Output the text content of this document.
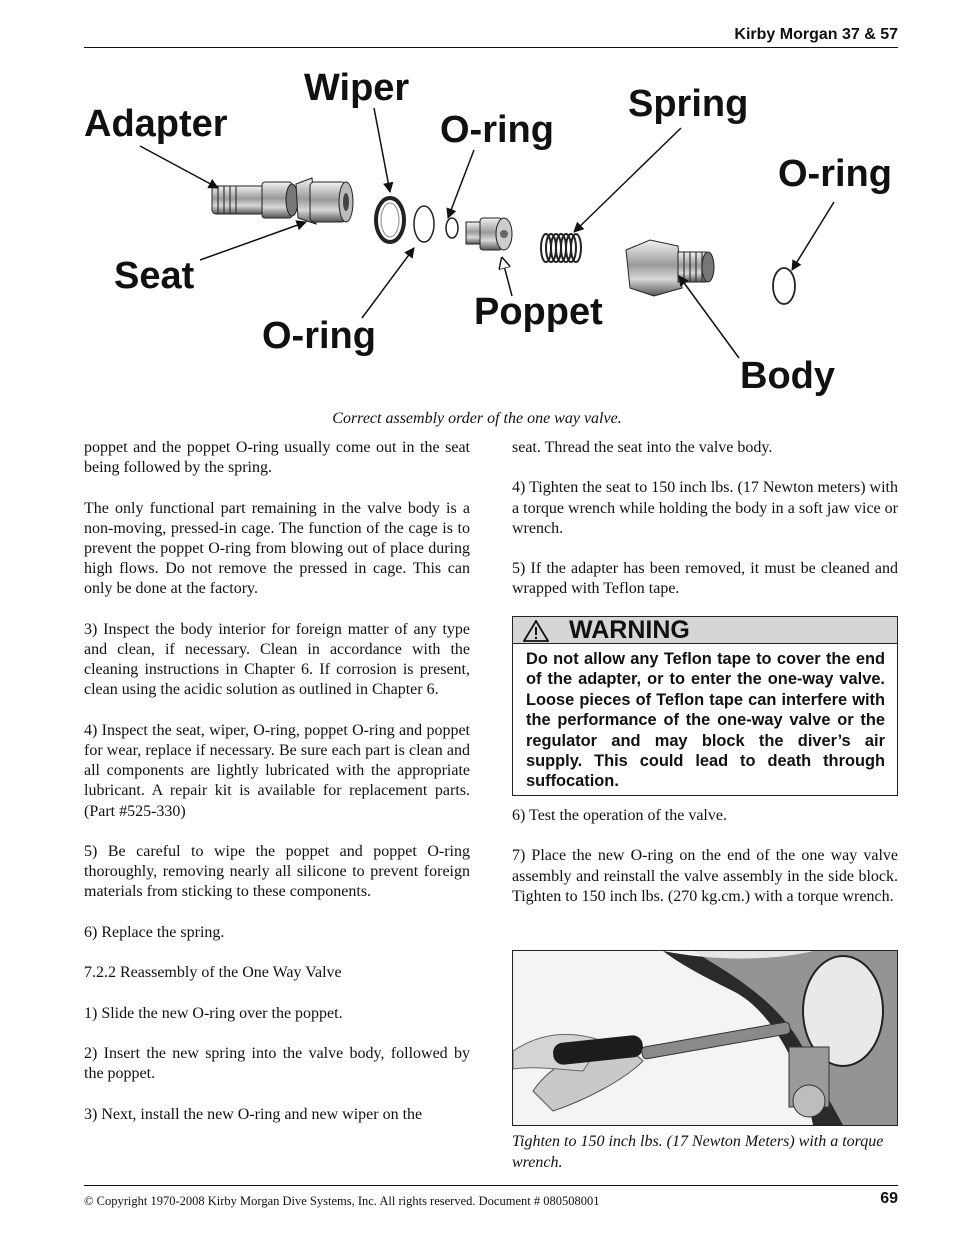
Kirby Morgan 37 & 57
Adapter
Wiper
O-ring
Spring
O-ring
Seat
Poppet
O-ring
Body
Correct assembly order of the one way valve.

poppet and the poppet O-ring usually come out in the seat being followed by the spring.

The only functional part remaining in the valve body is a non-moving, pressed-in cage. The function of the cage is to prevent the poppet O-ring from blowing out of place during high flows. Do not remove the pressed in cage. This can only be done at the factory.

3) Inspect the body interior for foreign matter of any type and clean, if necessary. Clean in accordance with the cleaning instructions in Chapter 6. If corrosion is present, clean using the acidic solution as outlined in Chapter 6.

4) Inspect the seat, wiper, O-ring, poppet O-ring and poppet for wear, replace if necessary. Be sure each part is clean and all components are lightly lubricated with the appropriate lubricant. A repair kit is available for replacement parts. (Part #525-330)

5) Be careful to wipe the poppet and poppet O-ring thoroughly, removing nearly all silicone to prevent foreign materials from sticking to these components.

6) Replace the spring.

7.2.2 Reassembly of the One Way Valve

1) Slide the new O-ring over the poppet.

2) Insert the new spring into the valve body, followed by the poppet.

3) Next, install the new O-ring and new wiper on the

seat. Thread the seat into the valve body.

4) Tighten the seat to 150 inch lbs. (17 Newton meters) with a torque wrench while holding the body in a soft jaw vice or wrench.

5) If the adapter has been removed, it must be cleaned and wrapped with Teflon tape.

WARNING
Do not allow any Teflon tape to cover the end of the adapter, or to enter the one-way valve. Loose pieces of Teflon tape can interfere with the performance of the one-way valve or the regulator and may block the diver’s air supply. This could lead to death through suffocation.

6) Test the operation of the valve.

7) Place the new O-ring on the end of the one way valve assembly and reinstall the valve assembly in the side block. Tighten to 150 inch lbs. (270 kg.cm.) with a torque wrench.

Tighten to 150 inch lbs. (17 Newton Meters) with a torque wrench.
© Copyright 1970-2008 Kirby Morgan Dive Systems, Inc. All rights reserved. Document # 080508001	69
